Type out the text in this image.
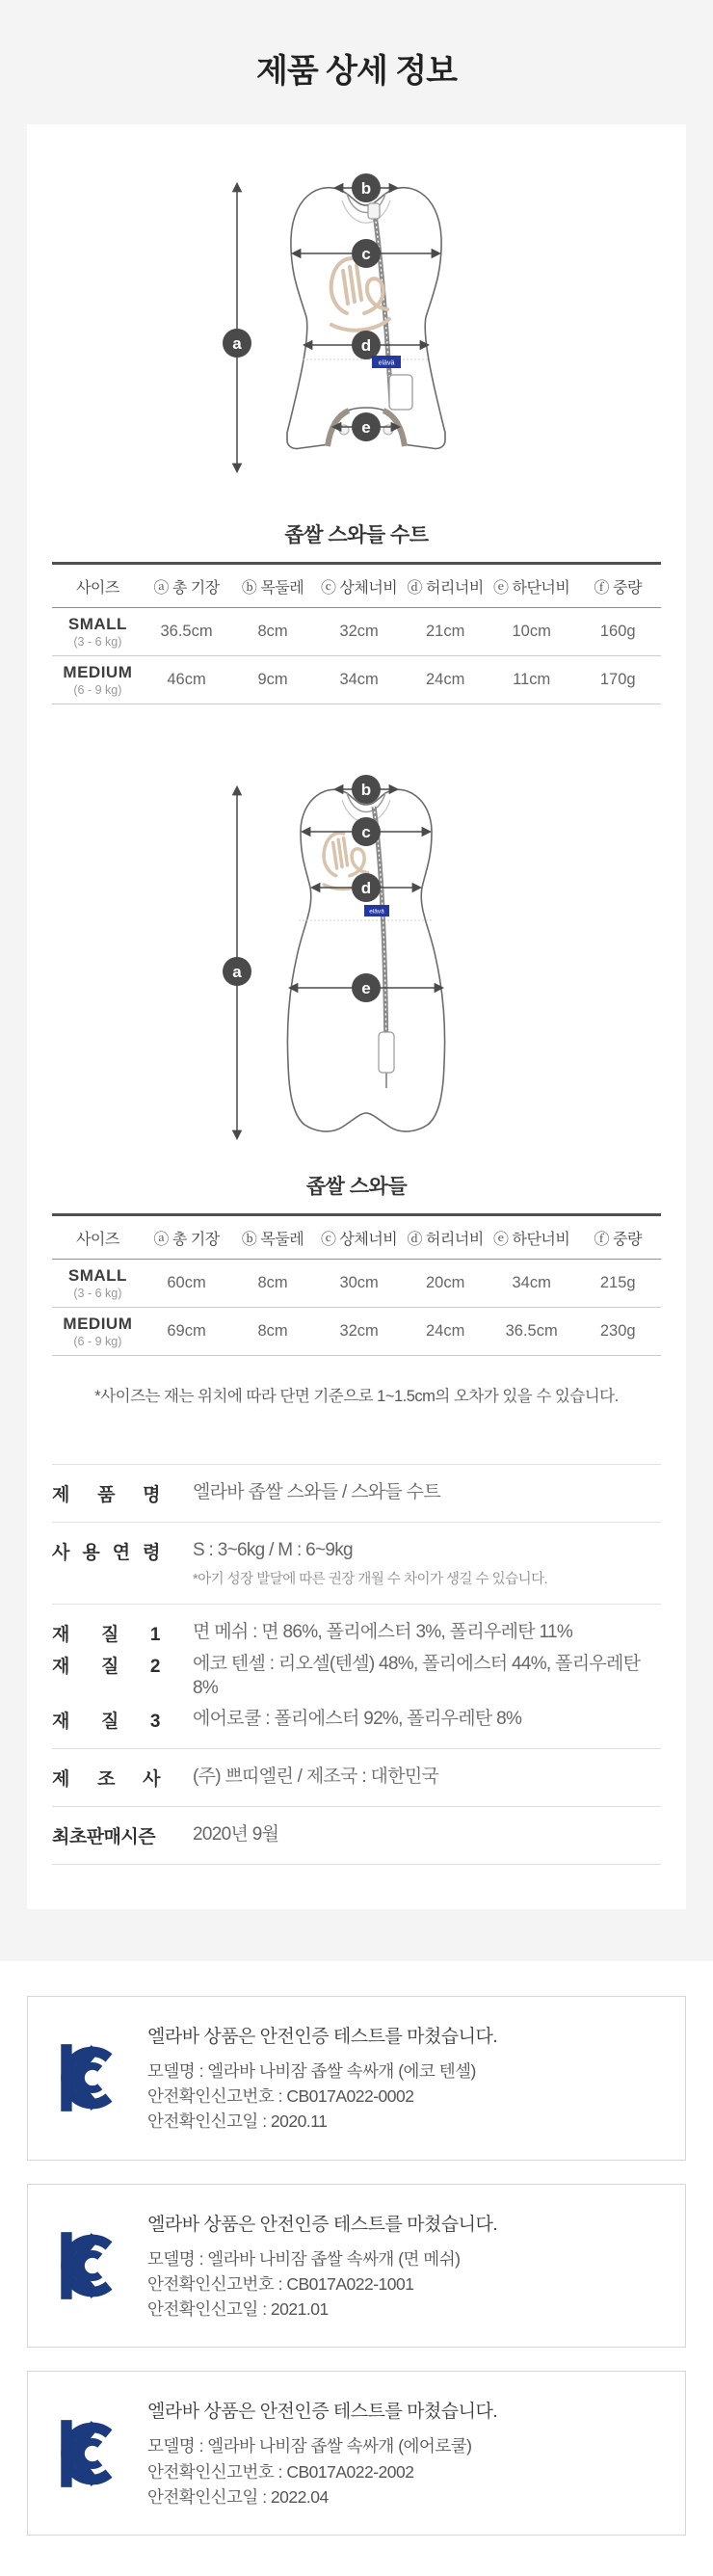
제품 상세 정보
a
b
c
d
elävä
e
좁쌀 스와들 수트
사이즈	ⓐ 총 기장	ⓑ 목둘레	ⓒ 상체너비	ⓓ 허리너비	ⓔ 하단너비	ⓕ 중량

SMALL
(3 - 6 kg)	36.5cm	8cm	32cm	21cm	10cm	160g

MEDIUM
(6 - 9 kg)	46cm	9cm	34cm	24cm	11cm	170g
elävä
a
b
c
d
e
좁쌀 스와들
사이즈	ⓐ 총 기장	ⓑ 목둘레	ⓒ 상체너비	ⓓ 허리너비	ⓔ 하단너비	ⓕ 중량

SMALL
(3 - 6 kg)	60cm	8cm	30cm	20cm	34cm	215g

MEDIUM
(6 - 9 kg)	69cm	8cm	32cm	24cm	36.5cm	230g
*사이즈는 재는 위치에 따라 단면 기준으로 1~1.5cm의 오차가 있을 수 있습니다.
제 품 명 엘라바 좁쌀 스와들 / 스와들 수트
사 용 연 령 S : 3~6kg / M : 6~9kg
*아기 성장 발달에 따른 권장 개월 수 차이가 생길 수 있습니다.
재 질 1 면 메쉬 : 면 86%, 폴리에스터 3%, 폴리우레탄 11%
재 질 2 에코 텐셀 : 리오셀(텐셀) 48%, 폴리에스터 44%, 폴리우레탄 8%
재 질 3 에어로쿨 : 폴리에스터 92%, 폴리우레탄 8%
제 조 사 (주) 쁘띠엘린 / 제조국 : 대한민국
최초판매시즌 2020년 9월
엘라바 상품은 안전인증 테스트를 마쳤습니다.
모델명 : 엘라바 나비잠 좁쌀 속싸개 (에코 텐셀)
안전확인신고번호 : CB017A022-0002
안전확인신고일 : 2020.11
엘라바 상품은 안전인증 테스트를 마쳤습니다.
모델명 : 엘라바 나비잠 좁쌀 속싸개 (면 메쉬)
안전확인신고번호 : CB017A022-1001
안전확인신고일 : 2021.01
엘라바 상품은 안전인증 테스트를 마쳤습니다.
모델명 : 엘라바 나비잠 좁쌀 속싸개 (에어로쿨)
안전확인신고번호 : CB017A022-2002
안전확인신고일 : 2022.04
